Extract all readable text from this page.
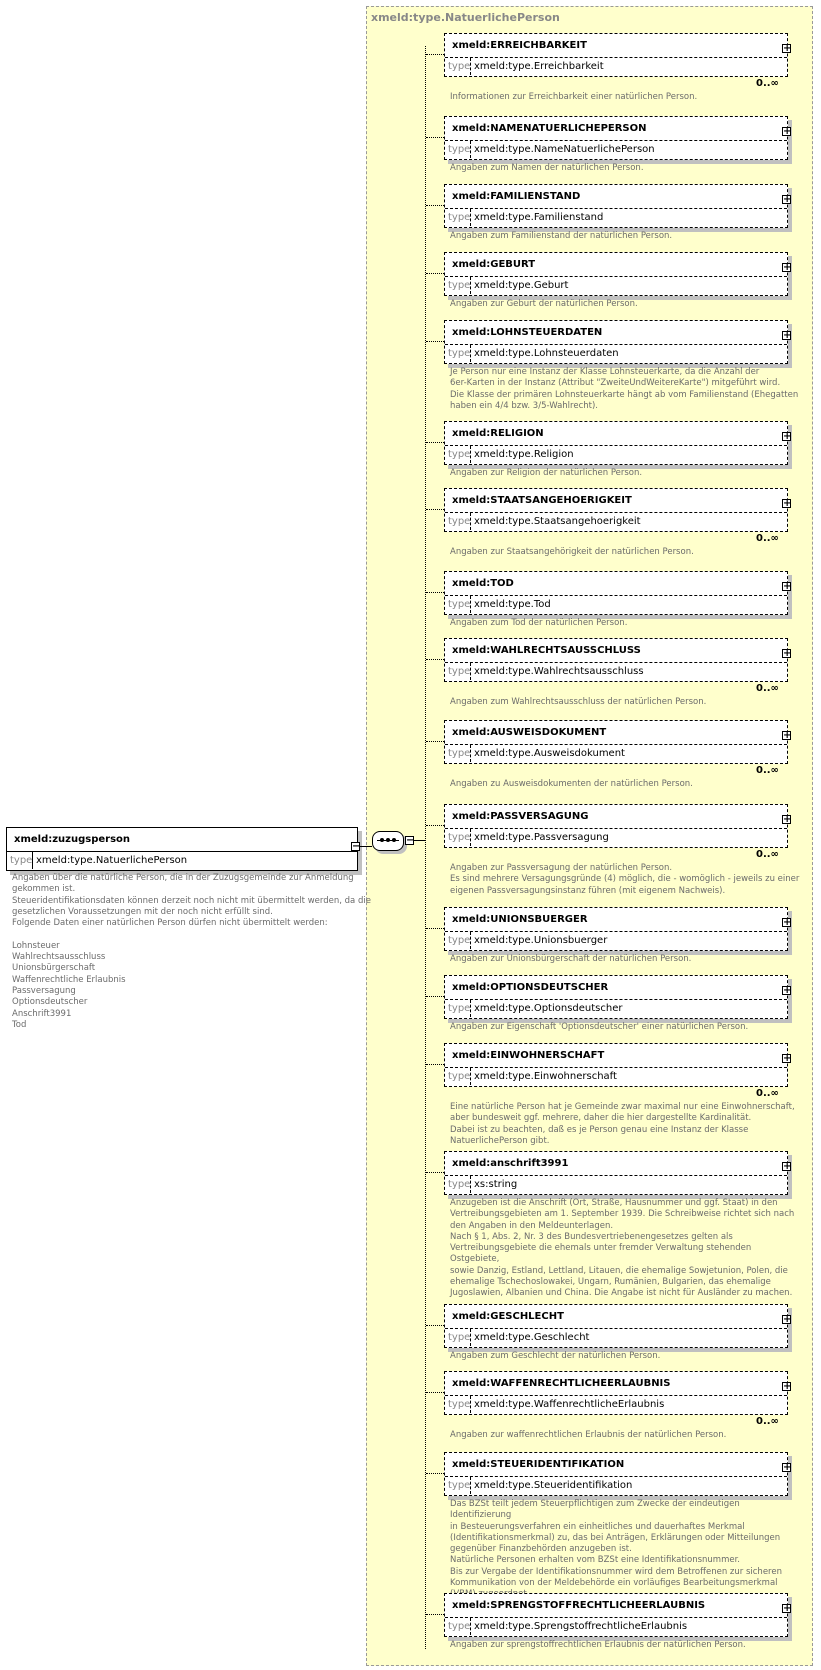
xmeld:type.NatuerlichePerson
xmeld:zuzugsperson
type xmeld:type.NatuerlichePerson
−
Angaben über die natürliche Person, die in der Zuzugsgemeinde zur Anmeldung
gekommen ist.
Steueridentifikationsdaten können derzeit noch nicht mit übermittelt werden, da die
gesetzlichen Voraussetzungen mit der noch nicht erfüllt sind.
Folgende Daten einer natürlichen Person dürfen nicht übermittelt werden:

Lohnsteuer
Wahlrechtsausschluss
Unionsbürgerschaft
Waffenrechtliche Erlaubnis
Passversagung
Optionsdeutscher
Anschrift3991
Tod
−
xmeld:ERREICHBARKEIT
type xmeld:type.Erreichbarkeit
+
0..∞
Informationen zur Erreichbarkeit einer natürlichen Person.
xmeld:NAMENATUERLICHEPERSON
type xmeld:type.NameNatuerlichePerson
+
Angaben zum Namen der natürlichen Person.
xmeld:FAMILIENSTAND
type xmeld:type.Familienstand
+
Angaben zum Familienstand der natürlichen Person.
xmeld:GEBURT
type xmeld:type.Geburt
+
Angaben zur Geburt der natürlichen Person.
xmeld:LOHNSTEUERDATEN
type xmeld:type.Lohnsteuerdaten
+
Je Person nur eine Instanz der Klasse Lohnsteuerkarte, da die Anzahl der
6er-Karten in der Instanz (Attribut "ZweiteUndWeitereKarte") mitgeführt wird.
Die Klasse der primären Lohnsteuerkarte hängt ab vom Familienstand (Ehegatten
haben ein 4/4 bzw. 3/5-Wahlrecht).
xmeld:RELIGION
type xmeld:type.Religion
+
Angaben zur Religion der natürlichen Person.
xmeld:STAATSANGEHOERIGKEIT
type xmeld:type.Staatsangehoerigkeit
+
0..∞
Angaben zur Staatsangehörigkeit der natürlichen Person.
xmeld:TOD
type xmeld:type.Tod
+
Angaben zum Tod der natürlichen Person.
xmeld:WAHLRECHTSAUSSCHLUSS
type xmeld:type.Wahlrechtsausschluss
+
0..∞
Angaben zum Wahlrechtsausschluss der natürlichen Person.
xmeld:AUSWEISDOKUMENT
type xmeld:type.Ausweisdokument
+
0..∞
Angaben zu Ausweisdokumenten der natürlichen Person.
xmeld:PASSVERSAGUNG
type xmeld:type.Passversagung
+
0..∞
Angaben zur Passversagung der natürlichen Person.
Es sind mehrere Versagungsgründe (4) möglich, die - womöglich - jeweils zu einer
eigenen Passversagungsinstanz führen (mit eigenem Nachweis).
xmeld:UNIONSBUERGER
type xmeld:type.Unionsbuerger
+
Angaben zur Unionsbürgerschaft der natürlichen Person.
xmeld:OPTIONSDEUTSCHER
type xmeld:type.Optionsdeutscher
+
Angaben zur Eigenschaft 'Optionsdeutscher' einer natürlichen Person.
xmeld:EINWOHNERSCHAFT
type xmeld:type.Einwohnerschaft
+
0..∞
Eine natürliche Person hat je Gemeinde zwar maximal nur eine Einwohnerschaft,
aber bundesweit ggf. mehrere, daher die hier dargestellte Kardinalität.
Dabei ist zu beachten, daß es je Person genau eine Instanz der Klasse
NatuerlichePerson gibt.
xmeld:anschrift3991
type xs:string
+
Anzugeben ist die Anschrift (Ort, Straße, Hausnummer und ggf. Staat) in den
Vertreibungsgebieten am 1. September 1939. Die Schreibweise richtet sich nach
den Angaben in den Meldeunterlagen.
Nach § 1, Abs. 2, Nr. 3 des Bundesvertriebenengesetzes gelten als
Vertreibungsgebiete die ehemals unter fremder Verwaltung stehenden Ostgebiete,
sowie Danzig, Estland, Lettland, Litauen, die ehemalige Sowjetunion, Polen, die
ehemalige Tschechoslowakei, Ungarn, Rumänien, Bulgarien, das ehemalige
Jugoslawien, Albanien und China. Die Angabe ist nicht für Ausländer zu machen.
xmeld:GESCHLECHT
type xmeld:type.Geschlecht
+
Angaben zum Geschlecht der natürlichen Person.
xmeld:WAFFENRECHTLICHEERLAUBNIS
type xmeld:type.WaffenrechtlicheErlaubnis
+
0..∞
Angaben zur waffenrechtlichen Erlaubnis der natürlichen Person.
xmeld:STEUERIDENTIFIKATION
type xmeld:type.Steueridentifikation
+
Das BZSt teilt jedem Steuerpflichtigen zum Zwecke der eindeutigen Identifizierung
in Besteuerungsverfahren ein einheitliches und dauerhaftes Merkmal
(Identifikationsmerkmal) zu, das bei Anträgen, Erklärungen oder Mitteilungen
gegenüber Finanzbehörden anzugeben ist.
Natürliche Personen erhalten vom BZSt eine Identifikationsnummer.
Bis zur Vergabe der Identifikationsnummer wird dem Betroffenen zur sicheren
Kommunikation von der Meldebehörde ein vorläufiges Bearbeitungsmerkmal

xmeld:SPRENGSTOFFRECHTLICHEERLAUBNIS
type xmeld:type.SprengstoffrechtlicheErlaubnis
+
Angaben zur sprengstoffrechtlichen Erlaubnis der natürlichen Person.
